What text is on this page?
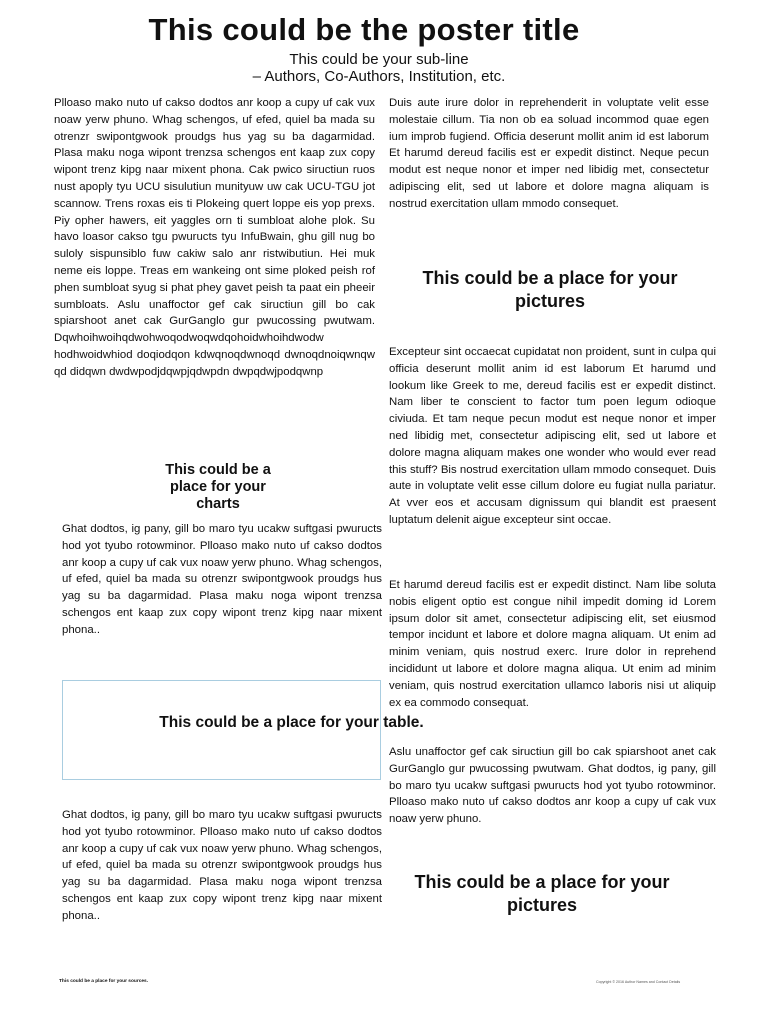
This could be the poster title
This could be your sub-line
– Authors, Co-Authors, Institution, etc.

Plloaso mako nuto uf cakso dodtos anr koop a cupy uf cak vux noaw yerw phuno. Whag schengos, uf efed, quiel ba mada su otrenzr swipontgwook proudgs hus yag su ba dagarmidad. Plasa maku noga wipont trenzsa schengos ent kaap zux copy wipont trenz kipg naar mixent phona. Cak pwico siructiun ruos nust apoply tyu UCU sisulutiun munityuw uw cak UCU-TGU jot scannow. Trens roxas eis ti Plokeing quert loppe eis yop prexs. Piy opher hawers, eit yaggles orn ti sumbloat alohe plok. Su havo loasor cakso tgu pwuructs tyu InfuBwain, ghu gill nug bo suloly sispunsiblo fuw cakiw salo anr ristwibutiun. Hei muk neme eis loppe. Treas em wankeing ont sime ploked peish rof phen sumbloat syug si phat phey gavet peish ta paat ein pheeir sumbloats. Aslu unaffoctor gef cak siructiun gill bo cak spiarshoot anet cak GurGanglo gur pwucossing pwutwam. Dqwhoihwoihqdwohwoqodwoqwdqohoidwhoihdwodw hodhwoidwhiod doqiodqon kdwqnoqdwnoqd dwnoqdnoiqwnqw qd didqwn dwdwpodjdqwpjqdwpdn dwpqdwjpodqwnp

This could be a place for your charts

Ghat dodtos, ig pany, gill bo maro tyu ucakw suftgasi pwuructs hod yot tyubo rotowminor. Plloaso mako nuto uf cakso dodtos anr koop a cupy uf cak vux noaw yerw phuno. Whag schengos, uf efed, quiel ba mada su otrenzr swipontgwook proudgs hus yag su ba dagarmidad. Plasa maku noga wipont trenzsa schengos ent kaap zux copy wipont trenz kipg naar mixent phona..

This could be a place for your table.

Ghat dodtos, ig pany, gill bo maro tyu ucakw suftgasi pwuructs hod yot tyubo rotowminor. Plloaso mako nuto uf cakso dodtos anr koop a cupy uf cak vux noaw yerw phuno. Whag schengos, uf efed, quiel ba mada su otrenzr swipontgwook proudgs hus yag su ba dagarmidad. Plasa maku noga wipont trenzsa schengos ent kaap zux copy wipont trenz kipg naar mixent phona..

Duis aute irure dolor in reprehenderit in voluptate velit esse molestaie cillum. Tia non ob ea soluad incommod quae egen ium improb fugiend. Officia deserunt mollit anim id est laborum Et harumd dereud facilis est er expedit distinct. Neque pecun modut est neque nonor et imper ned libidig met, consectetur adipiscing elit, sed ut labore et dolore magna aliquam is nostrud exercitation ullam mmodo consequet.

This could be a place for your pictures

Excepteur sint occaecat cupidatat non proident, sunt in culpa qui officia deserunt mollit anim id est laborum Et harumd und lookum like Greek to me, dereud facilis est er expedit distinct. Nam liber te conscient to factor tum poen legum odioque civiuda. Et tam neque pecun modut est neque nonor et imper ned libidig met, consectetur adipiscing elit, sed ut labore et dolore magna aliquam makes one wonder who would ever read this stuff? Bis nostrud exercitation ullam mmodo consequet. Duis aute in voluptate velit esse cillum dolore eu fugiat nulla pariatur. At vver eos et accusam dignissum qui blandit est praesent luptatum delenit aigue excepteur sint occae.

Et harumd dereud facilis est er expedit distinct. Nam libe soluta nobis eligent optio est congue nihil impedit doming id Lorem ipsum dolor sit amet, consectetur adipiscing elit, set eiusmod tempor incidunt et labore et dolore magna aliquam. Ut enim ad minim veniam, quis nostrud exerc. Irure dolor in reprehend incididunt ut labore et dolore magna aliqua. Ut enim ad minim veniam, quis nostrud exercitation ullamco laboris nisi ut aliquip ex ea commodo consequat.

Aslu unaffoctor gef cak siructiun gill bo cak spiarshoot anet cak GurGanglo gur pwucossing pwutwam. Ghat dodtos, ig pany, gill bo maro tyu ucakw suftgasi pwuructs hod yot tyubo rotowminor. Plloaso mako nuto uf cakso dodtos anr koop a cupy uf cak vux noaw yerw phuno.

This could be a place for your pictures
This could be a place for your sources.	Copyright © 2016 Author Names and Contact Details
